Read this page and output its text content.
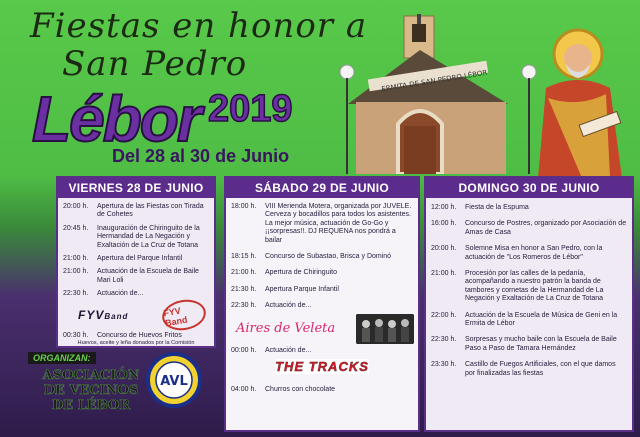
Fiestas en honor a
San Pedro
Lébor 2019
Del 28 al 30 de Junio
ERMITA DE SAN PEDRO LÉBOR
VIERNES 28 DE JUNIO
20:00 h.	Apertura de las Fiestas con Tirada de Cohetes
20:45 h.	Inauguración de Chiringuito de la Hermandad de La Negación y Exaltación de La Cruz de Totana
21:00 h.	Apertura del Parque Infantil
21:00 h.	Actuación de la Escuela de Baile Mari Loli
22:30 h.	Actuación de...
FYVBand	FYV Band
00:30 h.	Concurso de Huevos Fritos
Huevos, aceite y leña donados por la Comisión
SÁBADO 29 DE JUNIO
18:00 h.	VIII Merienda Motera, organizada por JUVELE. Cerveza y bocadillos para todos los asistentes. La mejor música, actuación de Go-Go y ¡¡sorpresas!!. DJ REQUENA nos pondrá a bailar
18:15 h.	Concurso de Subastao, Brisca y Dominó
21:00 h.	Apertura de Chiringuito
21:30 h.	Apertura Parque Infantil
22:30 h.	Actuación de...
Aires de Veleta
00:00 h.	Actuación de...
THE TRACKS
04:00 h.	Churros con chocolate
DOMINGO 30 DE JUNIO
12:00 h.	Fiesta de la Espuma
16:00 h.	Concurso de Postres, organizado por Asociación de Amas de Casa
20:00 h.	Solemne Misa en honor a San Pedro, con la actuación de "Los Romeros de Lébor"
21:00 h.	Procesión por las calles de la pedanía, acompañando a nuestro patrón la banda de tambores y cornetas de la Hermandad de La Negación y Exaltación de La Cruz de Totana
22:00 h.	Actuación de la Escuela de Música de Geni en la Ermita de Lébor
22:30 h.	Sorpresas y mucho baile con la Escuela de Baile Paso a Paso de Tamara Hernández
23:30 h.	Castillo de Fuegos Artificiales, con el que damos por finalizadas las fiestas
ORGANIZAN:
ASOCIACIÓN
DE VECINOS
DE LÉBOR
AVL
